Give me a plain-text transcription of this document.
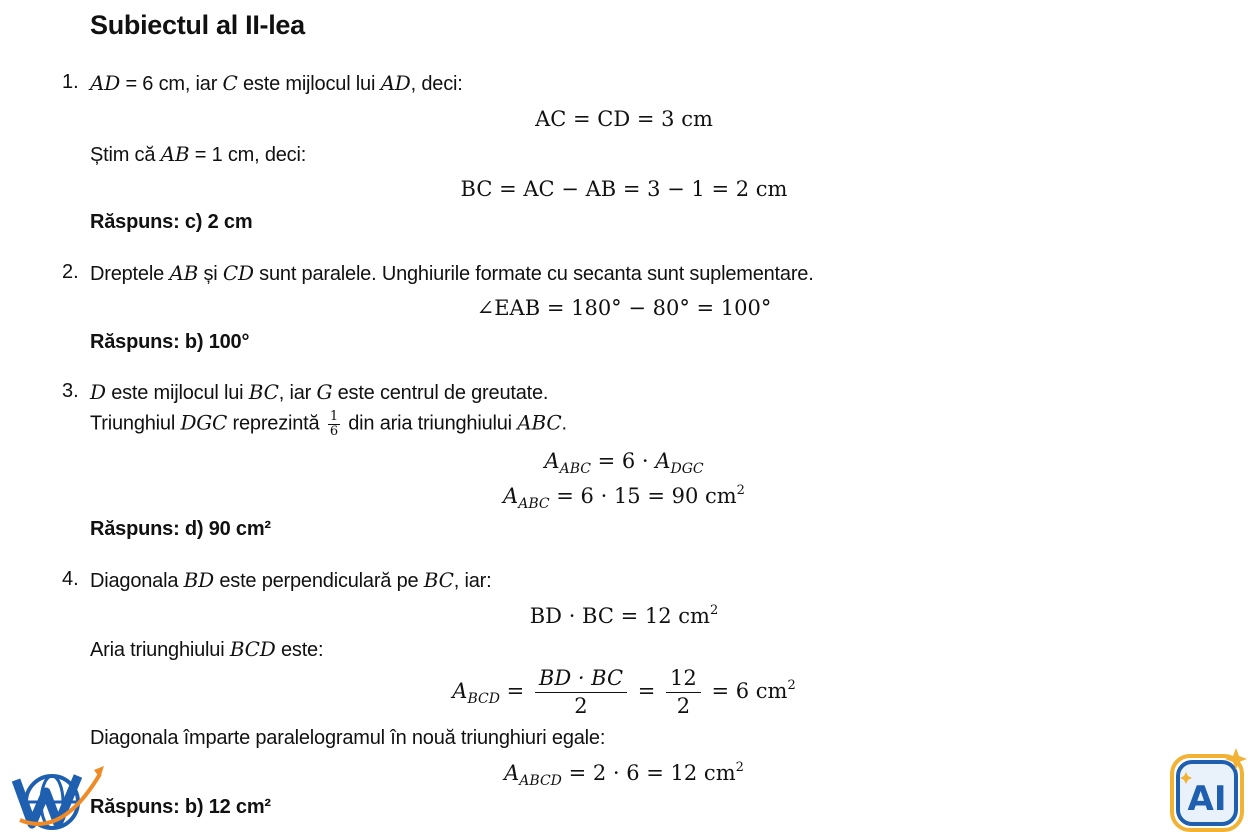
Subiectul al II-lea
1. AD = 6 cm, iar C este mijlocul lui AD, deci:
AC = CD = 3 cm
Știm că AB = 1 cm, deci:
BC = AC − AB = 3 − 1 = 2 cm
Răspuns: c) 2 cm
2. Dreptele AB și CD sunt paralele. Unghiurile formate cu secanta sunt suplementare.
∠EAB = 180° − 80° = 100°
Răspuns: b) 100°
3. D este mijlocul lui BC, iar G este centrul de greutate.
Triunghiul DGC reprezintă $\frac{1}{6}$ din aria triunghiului ABC.
$A_{ABC} = 6 \cdot A_{DGC}$
$A_{ABC} = 6 \cdot 15 = 90$ $cm^2$
Răspuns: d) 90 cm²
4. Diagonala BD este perpendiculară pe BC, iar:
BD · BC = 12 $cm^2$
Aria triunghiului BCD este:
$A_{BCD} = \frac{BD \cdot BC}{2} = \frac{12}{2} = 6$ $cm^2$
Diagonala împarte paralelogramul în nouă triunghiuri egale:
$A_{ABCD} = 2 \cdot 6 = 12$ $cm^2$
Răspuns: b) 12 cm²	AI
